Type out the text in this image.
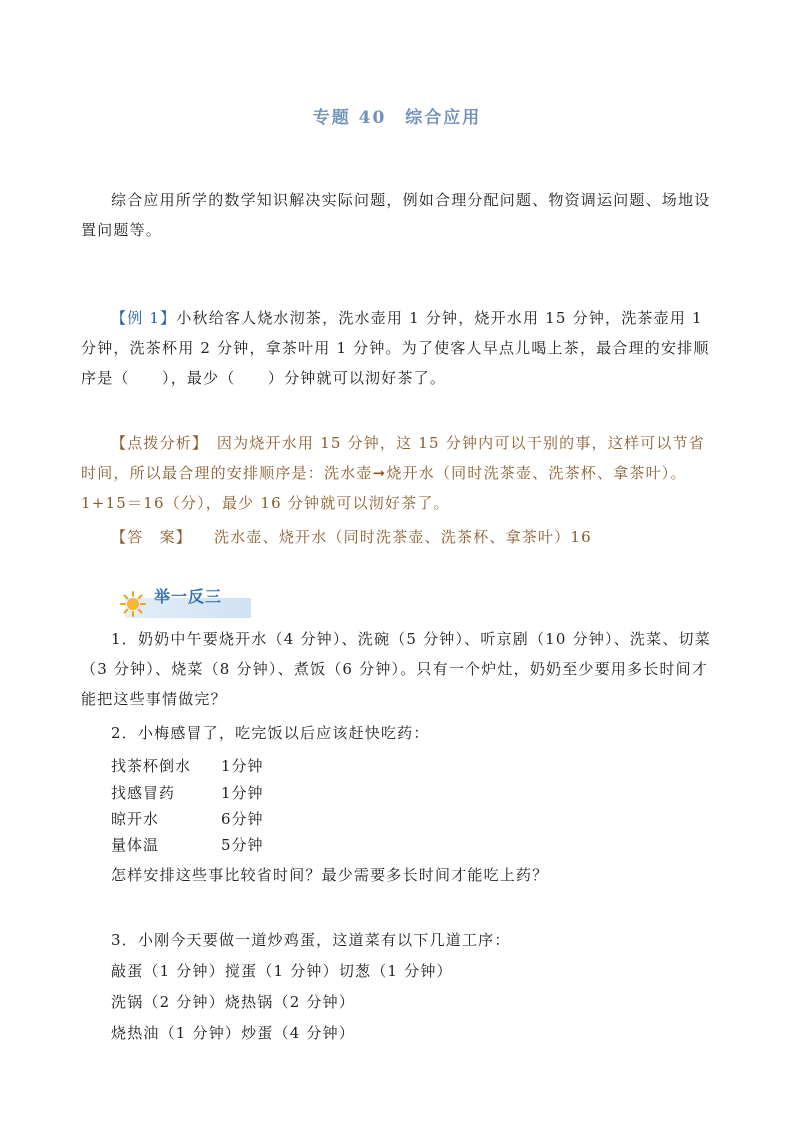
专题 40　综合应用
综合应用所学的数学知识解决实际问题，例如合理分配问题、物资调运问题、场地设置问题等。
【例 1】小秋给客人烧水沏茶，洗水壶用 1 分钟，烧开水用 15 分钟，洗茶壶用 1 分钟，洗茶杯用 2 分钟，拿茶叶用 1 分钟。为了使客人早点儿喝上茶，最合理的安排顺序是（　　），最少（　　）分钟就可以沏好茶了。
【点拨分析】　因为烧开水用 15 分钟，这 15 分钟内可以干别的事，这样可以节省时间，所以最合理的安排顺序是：洗水壶➞烧开水（同时洗茶壶、洗茶杯、拿茶叶）。1+15＝16（分），最少 16 分钟就可以沏好茶了。
【答　案】 洗水壶、烧开水（同时洗茶壶、洗茶杯、拿茶叶）16
举一反三
1．奶奶中午要烧开水（4 分钟）、洗碗（5 分钟）、听京剧（10 分钟）、洗菜、切菜（3 分钟）、烧菜（8 分钟）、煮饭（6 分钟）。只有一个炉灶，奶奶至少要用多长时间才能把这些事情做完？
2．小梅感冒了，吃完饭以后应该赶快吃药：
找茶杯倒水 1分钟
找感冒药	1分钟
晾开水	6分钟
量体温	5分钟
怎样安排这些事比较省时间？最少需要多长时间才能吃上药？
3．小刚今天要做一道炒鸡蛋，这道菜有以下几道工序：
敲蛋（1 分钟）搅蛋（1 分钟）切葱（1 分钟）
洗锅（2 分钟）烧热锅（2 分钟）
烧热油（1 分钟）炒蛋（4 分钟）
